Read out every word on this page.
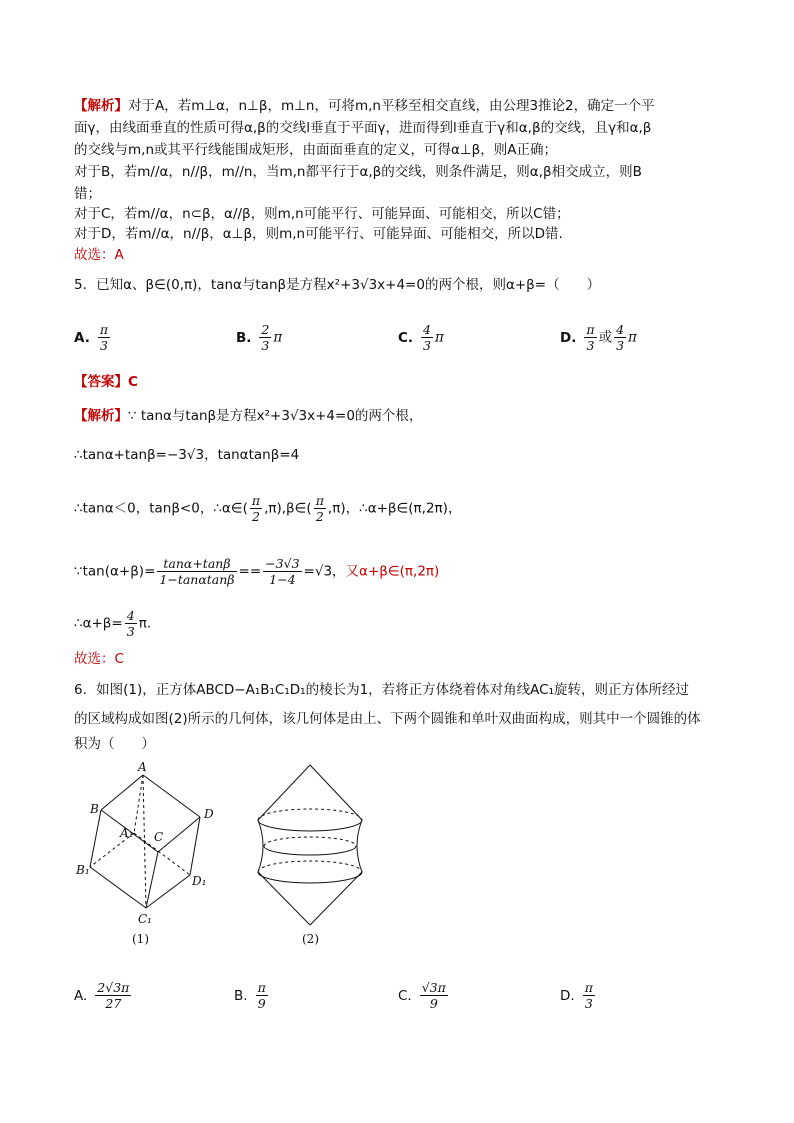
【解析】对于A，若m⊥α，n⊥β，m⊥n，可将m,n平移至相交直线，由公理3推论2，确定一个平
面γ，由线面垂直的性质可得α,β的交线l垂直于平面γ，进而得到l垂直于γ和α,β的交线，且γ和α,β
的交线与m,n或其平行线能围成矩形，由面面垂直的定义，可得α⊥β，则A正确；
对于B，若m//α，n//β，m//n，当m,n都平行于α,β的交线，则条件满足，则α,β相交成立，则B
错；
对于C，若m//α，n⊂β，α//β，则m,n可能平行、可能异面、可能相交，所以C错；
对于D，若m//α，n//β，α⊥β，则m,n可能平行、可能异面、可能相交，所以D错.
故选：A
5．已知α、β∈(0,π)，tanα与tanβ是方程x²+3√3x+4=0的两个根，则α+β=（　　）
A. $\frac{\pi}{3}$	B. $\frac{2}{3}$ π	C. $\frac{4}{3}$ π	D. $\frac{\pi}{3}$ 或 $\frac{4}{3}$ π
【答案】C
【解析】∵ tanα与tanβ是方程x²+3√3x+4=0的两个根，
∴tanα+tanβ=−3√3，tanαtanβ=4
∴tanα＜0，tanβ<0，∴α∈( $\frac{\pi}{2}$ ,π),β∈( $\frac{\pi}{2} ,\pi$)，∴α+β∈(π,2π)，
∵tan(α+β)= $\frac{\tan\alpha+\tan\beta}{1-\tan\alpha\tan\beta} == \frac{-3√3}{1-4} =√3$，又α+β∈(π,2π)
∴α+β= $\frac{4}{3} \pi$.
故选：C
6．如图(1)，正方体ABCD−A₁B₁C₁D₁的棱长为1，若将正方体绕着体对角线AC₁旋转，则正方体所经过
的区域构成如图(2)所示的几何体，该几何体是由上、下两个圆锥和单叶双曲面构成，则其中一个圆锥的体
积为（　　）
A
B	D
C
A₁
B₁
D₁
C₁
(1)	(2)
A. $\frac{2√3\pi}{27}$	B. $\frac{\pi}{9}$	C. $\frac{√3\pi}{9}$	D. $\frac{\pi}{3}$
